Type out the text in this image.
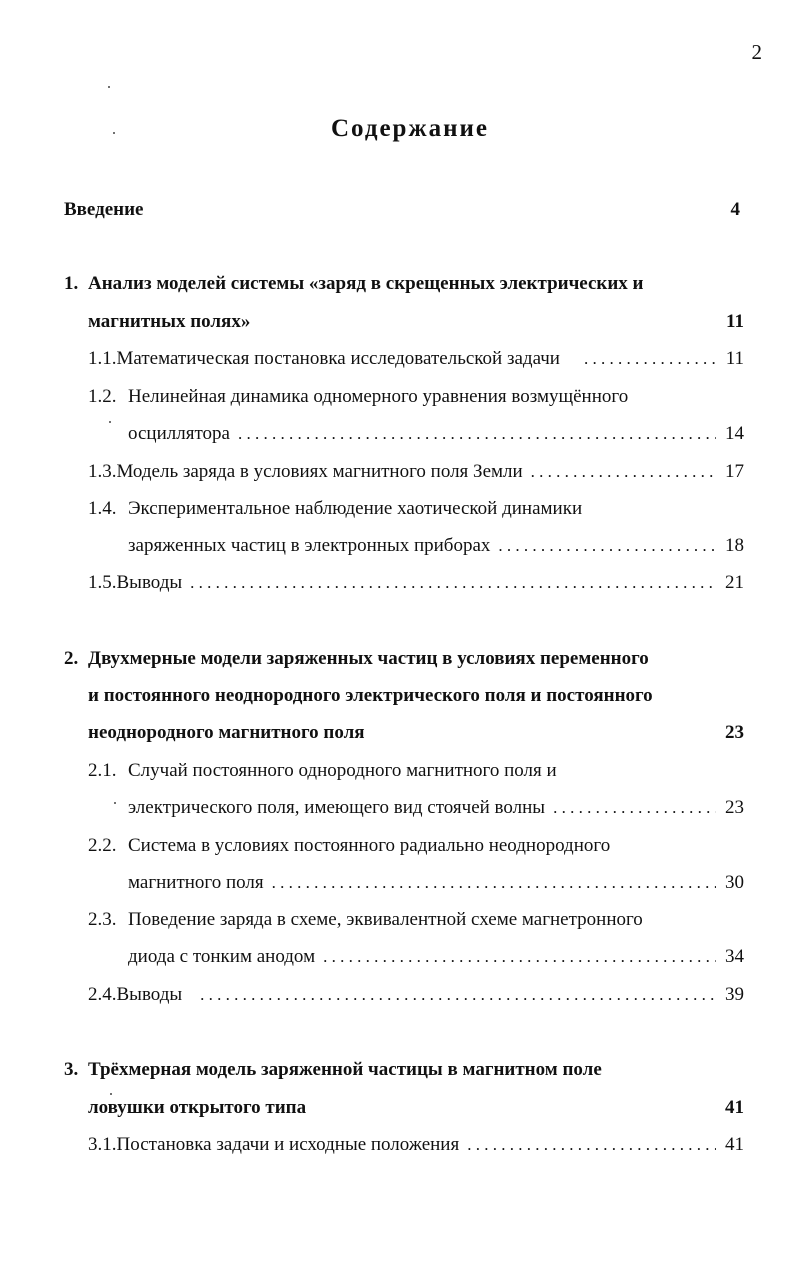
2
Содержание
Введение	4
1. Анализ моделей системы «заряд в скрещенных электрических и
магнитных полях»	11
1.1. Математическая постановка исследовательской задачи . . .	11
1.2. Нелинейная динамика одномерного уравнения возмущённого
осциллятора . . .	14
1.3. Модель заряда в условиях магнитного поля Земли . . .	17
1.4. Экспериментальное наблюдение хаотической динамики
заряженных частиц в электронных приборах . . .	18
1.5. Выводы . . .	21
2. Двухмерные модели заряженных частиц в условиях переменного
и постоянного неоднородного электрического поля и постоянного
неоднородного магнитного поля	23
2.1. Случай постоянного однородного магнитного поля и
электрического поля, имеющего вид стоячей волны . . .	23
2.2. Система в условиях постоянного радиально неоднородного
магнитного поля . . .	30
2.3. Поведение заряда в схеме, эквивалентной схеме магнетронного
диода с тонким анодом . . .	34
2.4. Выводы . . .	39
3. Трёхмерная модель заряженной частицы в магнитном поле
ловушки открытого типа	41
3.1. Постановка задачи и исходные положения . . .	41
